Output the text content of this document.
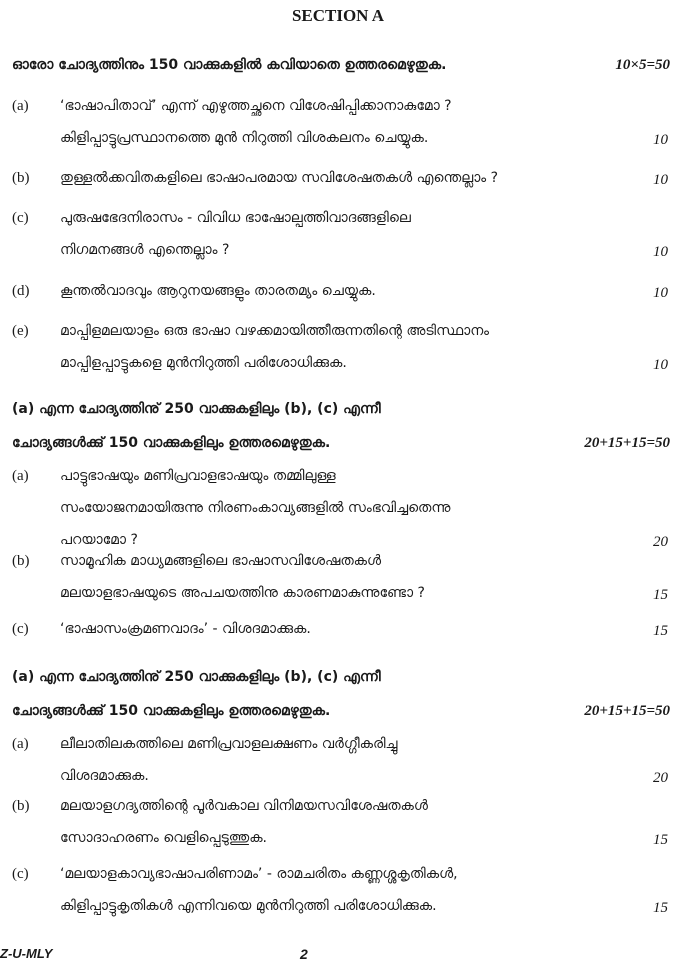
SECTION A
ഓരോ ചോദ്യത്തിനും 150 വാക്കുകളിൽ കവിയാതെ ഉത്തരമെഴുതുക.	10×5=50
(a) ‘ഭാഷാപിതാവ്’ എന്ന് എഴുത്തച്ഛനെ വിശേഷിപ്പിക്കാനാകുമോ ?
കിളിപ്പാട്ടുപ്രസ്ഥാനത്തെ മുൻ നിറുത്തി വിശകലനം ചെയ്യുക.	10
(b) തുള്ളൽക്കവിതകളിലെ ഭാഷാപരമായ സവിശേഷതകൾ എന്തെല്ലാം ?	10
(c) പുരുഷഭേദനിരാസം - വിവിധ ഭാഷോല്പത്തിവാദങ്ങളിലെ
നിഗമനങ്ങൾ എന്തെല്ലാം ?	10
(d) കൂന്തൽവാദവും ആറുനയങ്ങളും താരതമ്യം ചെയ്യുക.	10
(e) മാപ്പിളമലയാളം ഒരു ഭാഷാ വഴക്കമായിത്തീരുന്നതിന്റെ അടിസ്ഥാനം
മാപ്പിളപ്പാട്ടുകളെ മുൻനിറുത്തി പരിശോധിക്കുക.	10
(a) എന്ന ചോദ്യത്തിനു് 250 വാക്കുകളിലും (b), (c) എന്നീ
ചോദ്യങ്ങൾക്കു് 150 വാക്കുകളിലും ഉത്തരമെഴുതുക.	20+15+15=50
(a) പാട്ടുഭാഷയും മണിപ്രവാളഭാഷയും തമ്മിലുള്ള
സംയോജനമായിരുന്നു നിരണംകാവ്യങ്ങളിൽ സംഭവിച്ചതെന്നു
പറയാമോ ?	20
(b) സാമൂഹിക മാധ്യമങ്ങളിലെ ഭാഷാസവിശേഷതകൾ
മലയാളഭാഷയുടെ അപചയത്തിനു കാരണമാകുന്നുണ്ടോ ?	15
(c) ‘ഭാഷാസംക്രമണവാദം’ - വിശദമാക്കുക.	15
(a) എന്ന ചോദ്യത്തിനു് 250 വാക്കുകളിലും (b), (c) എന്നീ
ചോദ്യങ്ങൾക്കു് 150 വാക്കുകളിലും ഉത്തരമെഴുതുക.	20+15+15=50
(a) ലീലാതിലകത്തിലെ മണിപ്രവാളലക്ഷണം വർഗ്ഗീകരിച്ചു
വിശദമാക്കുക.	20
(b) മലയാളഗദ്യത്തിന്റെ പൂർവകാല വിനിമയസവിശേഷതകൾ
സോദാഹരണം വെളിപ്പെടുത്തുക.	15
(c) ‘മലയാളകാവ്യഭാഷാപരിണാമം’ - രാമചരിതം കണ്ണശ്ശകൃതികൾ,
കിളിപ്പാട്ടുകൃതികൾ എന്നിവയെ മുൻനിറുത്തി പരിശോധിക്കുക.	15
Z-U-MLY	2
